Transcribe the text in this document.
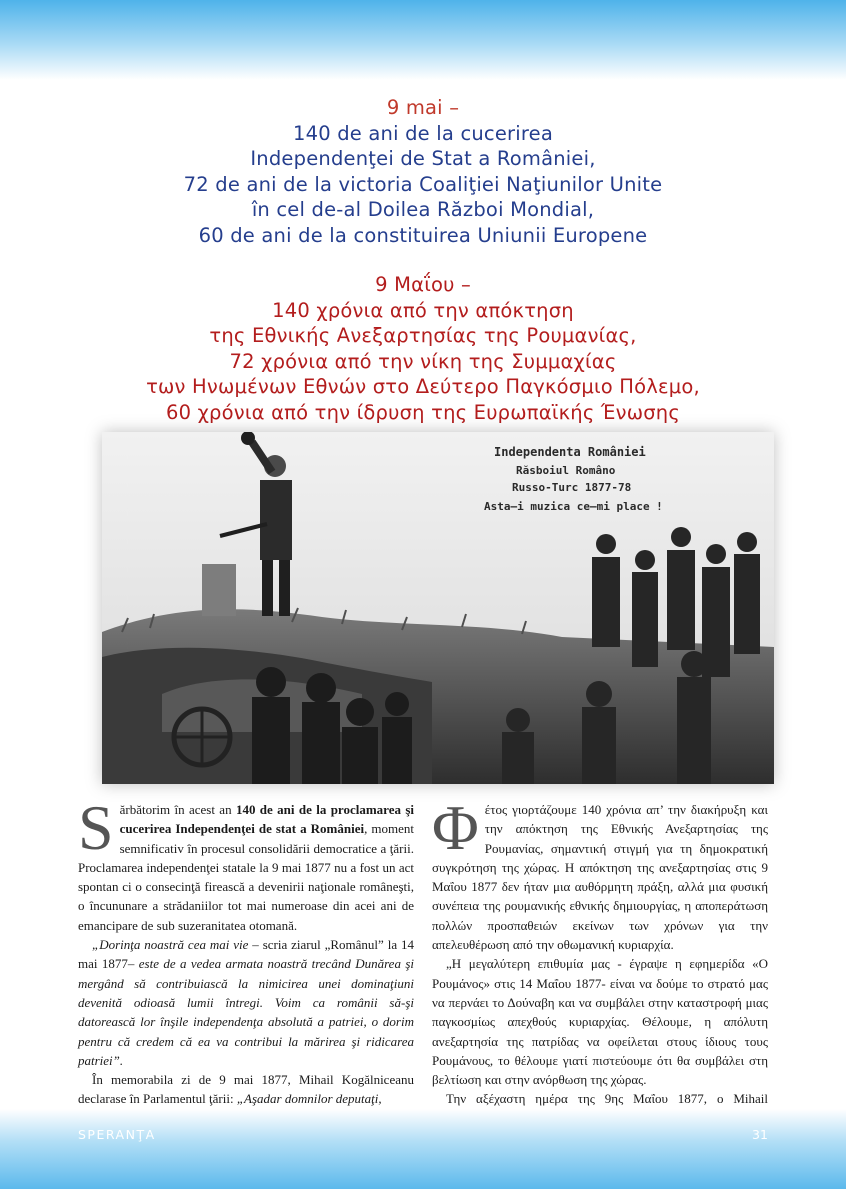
9 mai –
140 de ani de la cucerirea
Independenţei de Stat a României,
72 de ani de la victoria Coaliţiei Naţiunilor Unite
în cel de-al Doilea Război Mondial,
60 de ani de la constituirea Uniunii Europene
9 Μαΐου –
140 χρόνια από την απόκτηση
της Εθνικής Ανεξαρτησίας της Ρουμανίας,
72 χρόνια από την νίκη της Συμμαχίας
των Ηνωμένων Εθνών στο Δεύτερο Παγκόσμιο Πόλεμο,
60 χρόνια από την ίδρυση της Ευρωπαϊκής Ένωσης
Independenta României
Răsboiul Româno
Russo-Turc 1877-78
Asta—i muzica ce—mi place !

Sărbătorim în acest an 140 de ani de la proclamarea şi cucerirea Independenţei de stat a României, moment semnificativ în procesul consolidării democratice a ţării. Proclamarea independenţei statale la 9 mai 1877 nu a fost un act spontan ci o consecinţă firească a devenirii naţionale româneşti, o încununare a strădaniilor tot mai numeroase din acei ani de emancipare de sub suzeranitatea otomană.

„Dorinţa noastră cea mai vie – scria ziarul „Românul” la 14 mai 1877– este de a vedea armata noastră trecând Dunărea şi mergând să contribuiască la nimicirea unei dominaţiuni devenită odioasă lumii întregi. Voim ca românii să-şi datorească lor înşile independenţa absolută a patriei, o dorim pentru că credem că ea va contribui la mărirea şi ridicarea patriei”.

În memorabila zi de 9 mai 1877, Mihail Kogălniceanu declarase în Parlamentul ţării: „Aşadar domnilor deputaţi,

Φέτος γιορτάζουμε 140 χρόνια απ’ την διακήρυξη και την απόκτηση της Εθνικής Ανεξαρτησίας της Ρουμανίας, σημαντική στιγμή για τη δημοκρατική συγκρότηση της χώρας. Η απόκτηση της ανεξαρτησίας στις 9 Μαΐου 1877 δεν ήταν μια αυθόρμητη πράξη, αλλά μια φυσική συνέπεια της ρουμανικής εθνικής δημιουργίας, η αποπεράτωση πολλών προσπαθειών εκείνων των χρόνων για την απελευθέρωση από την οθωμανική κυριαρχία.

„Η μεγαλύτερη επιθυμία μας - έγραψε η εφημερίδα «Ο Ρουμάνος» στις 14 Μαΐου 1877- είναι να δούμε το στρατό μας να περνάει το Δούναβη και να συμβάλει στην καταστροφή μιας παγκοσμίως απεχθούς κυριαρχίας. Θέλουμε, η απόλυτη ανεξαρτησία της πατρίδας να οφείλεται στους ίδιους τους Ρουμάνους, το θέλουμε γιατί πιστεύουμε ότι θα συμβάλει στη βελτίωση και στην ανόρθωση της χώρας.

Την αξέχαστη ημέρα της 9ης Μαΐου 1877, ο Mihail

SPERANŢA	31
